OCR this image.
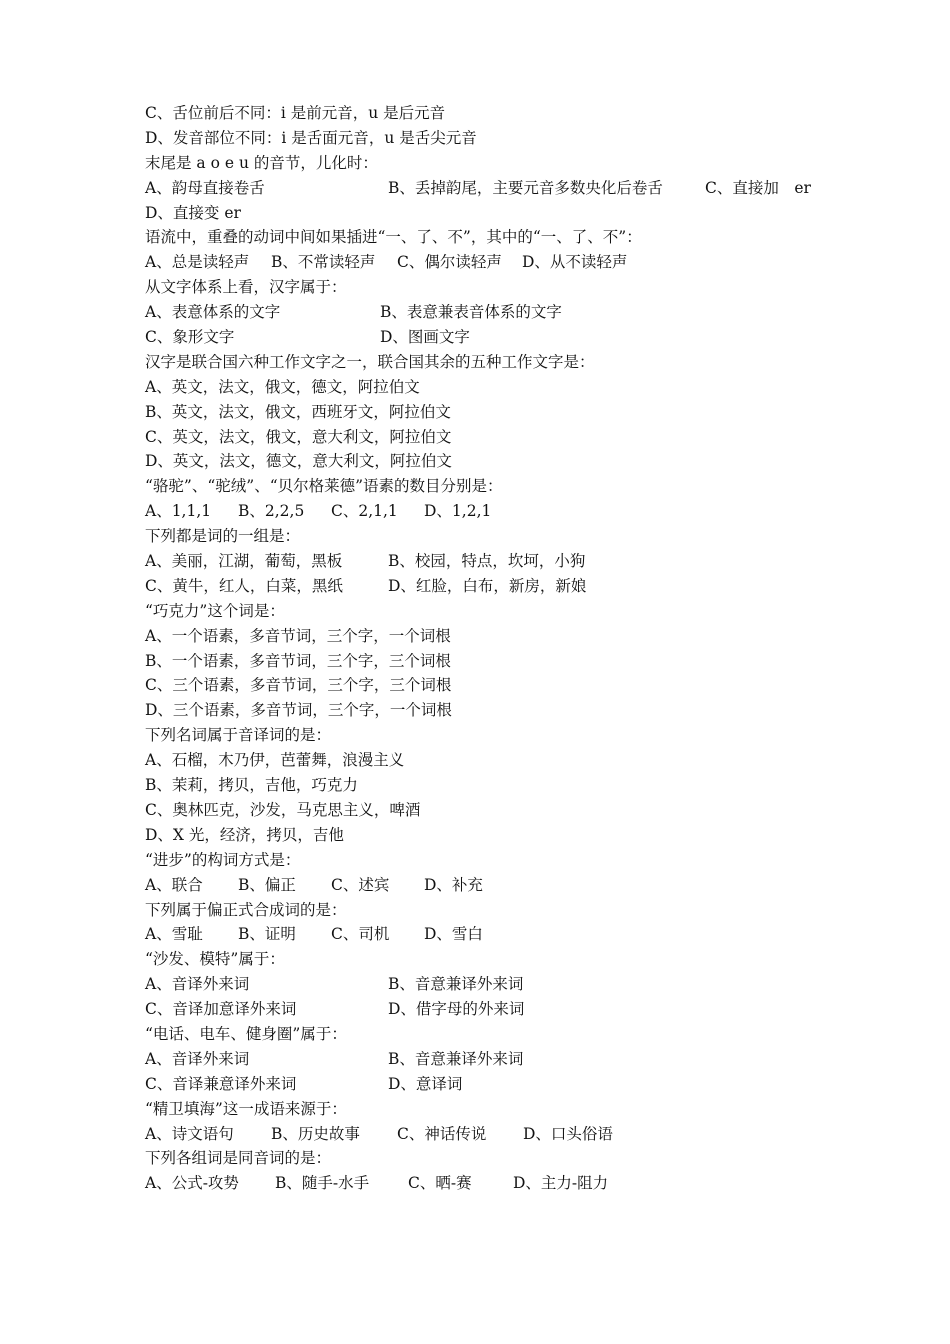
C、舌位前后不同：i 是前元音，u 是后元音
D、发音部位不同：i 是舌面元音，u 是舌尖元音
末尾是 a o e u 的音节，儿化时：
A、韵母直接卷舌	B、丢掉韵尾，主要元音多数央化后卷舌	C、直接加　er
D、直接变 er
语流中，重叠的动词中间如果插进“一、了、不”，其中的“一、了、不”：
A、总是读轻声 B、不常读轻声 C、偶尔读轻声 D、从不读轻声
从文字体系上看，汉字属于：
A、表意体系的文字	B、表意兼表音体系的文字
C、象形文字	D、图画文字
汉字是联合国六种工作文字之一，联合国其余的五种工作文字是：
A、英文，法文，俄文，德文，阿拉伯文
B、英文，法文，俄文，西班牙文，阿拉伯文
C、英文，法文，俄文，意大利文，阿拉伯文
D、英文，法文，德文，意大利文，阿拉伯文
“骆驼”、“驼绒”、“贝尔格莱德”语素的数目分别是：
A、1,1,1 B、2,2,5 C、2,1,1 D、1,2,1
下列都是词的一组是：
A、美丽，江湖，葡萄，黑板	B、校园，特点，坎坷，小狗
C、黄牛，红人，白菜，黑纸	D、红脸，白布，新房，新娘
“巧克力”这个词是：
A、一个语素，多音节词，三个字，一个词根
B、一个语素，多音节词，三个字，三个词根
C、三个语素，多音节词，三个字，三个词根
D、三个语素，多音节词，三个字，一个词根
下列名词属于音译词的是：
A、石榴，木乃伊，芭蕾舞，浪漫主义
B、茉莉，拷贝，吉他，巧克力
C、奥林匹克，沙发，马克思主义，啤酒
D、X 光，经济，拷贝，吉他
“进步”的构词方式是：
A、联合 B、偏正 C、述宾 D、补充
下列属于偏正式合成词的是：
A、雪耻 B、证明 C、司机 D、雪白
“沙发、模特”属于：
A、音译外来词	B、音意兼译外来词
C、音译加意译外来词	D、借字母的外来词
“电话、电车、健身圈”属于：
A、音译外来词	B、音意兼译外来词
C、音译兼意译外来词	D、意译词
“精卫填海”这一成语来源于：
A、诗文语句 B、历史故事 C、神话传说 D、口头俗语
下列各组词是同音词的是：
A、公式-攻势 B、随手-水手	C、晒-赛	D、主力-阻力
